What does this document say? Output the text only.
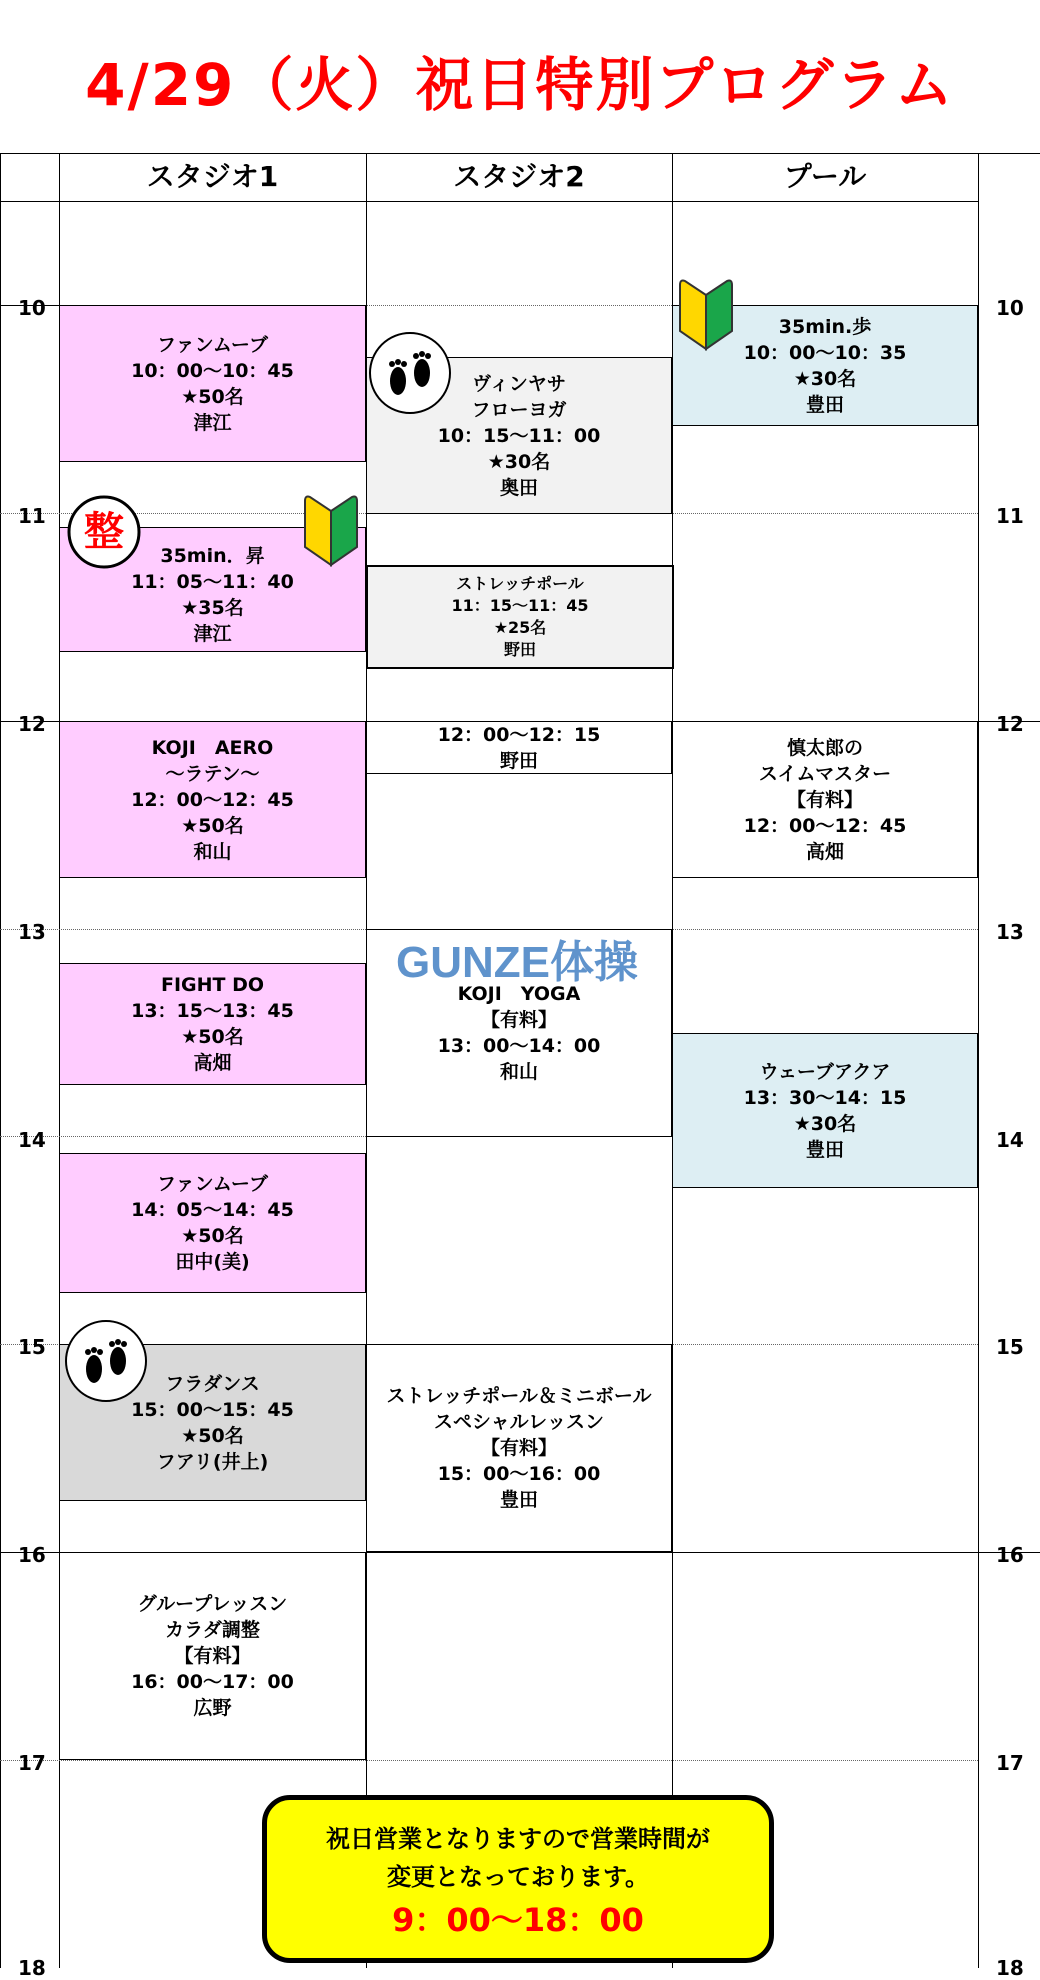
4/29（火）祝日特別プログラム
スタジオ1	スタジオ2	プール
10
11
12
13
14
15
16
17
18
10
11
12
13
14
15
16
17
18
ファンムーブ
10：00～10：45
★50名
津江
35min．昇
11：05～11：40
★35名
津江
KOJI　AERO
～ラテン～
12：00～12：45
★50名
和山
FIGHT DO
13：15～13：45
★50名
高畑
ファンムーブ
14：05～14：45
★50名
田中(美)
フラダンス
15：00～15：45
★50名
フアリ(井上)
グループレッスン
カラダ調整
【有料】
16：00～17：00
広野
ヴィンヤサ
フローヨガ
10：15～11：00
★30名
奥田
ストレッチポール
11：15～11：45
★25名
野田
12：00～12：15
野田
KOJI　YOGA
【有料】
13：00～14：00
和山
ストレッチポール＆ミニボール
スペシャルレッスン
【有料】
15：00～16：00
豊田
GUNZE体操
35min.歩
10：00～10：35
★30名
豊田
慎太郎の
スイムマスター
【有料】
12：00～12：45
高畑
ウェーブアクア
13：30～14：15
★30名
豊田
整
祝日営業となりますので営業時間が
変更となっております。
9：00～18：00
